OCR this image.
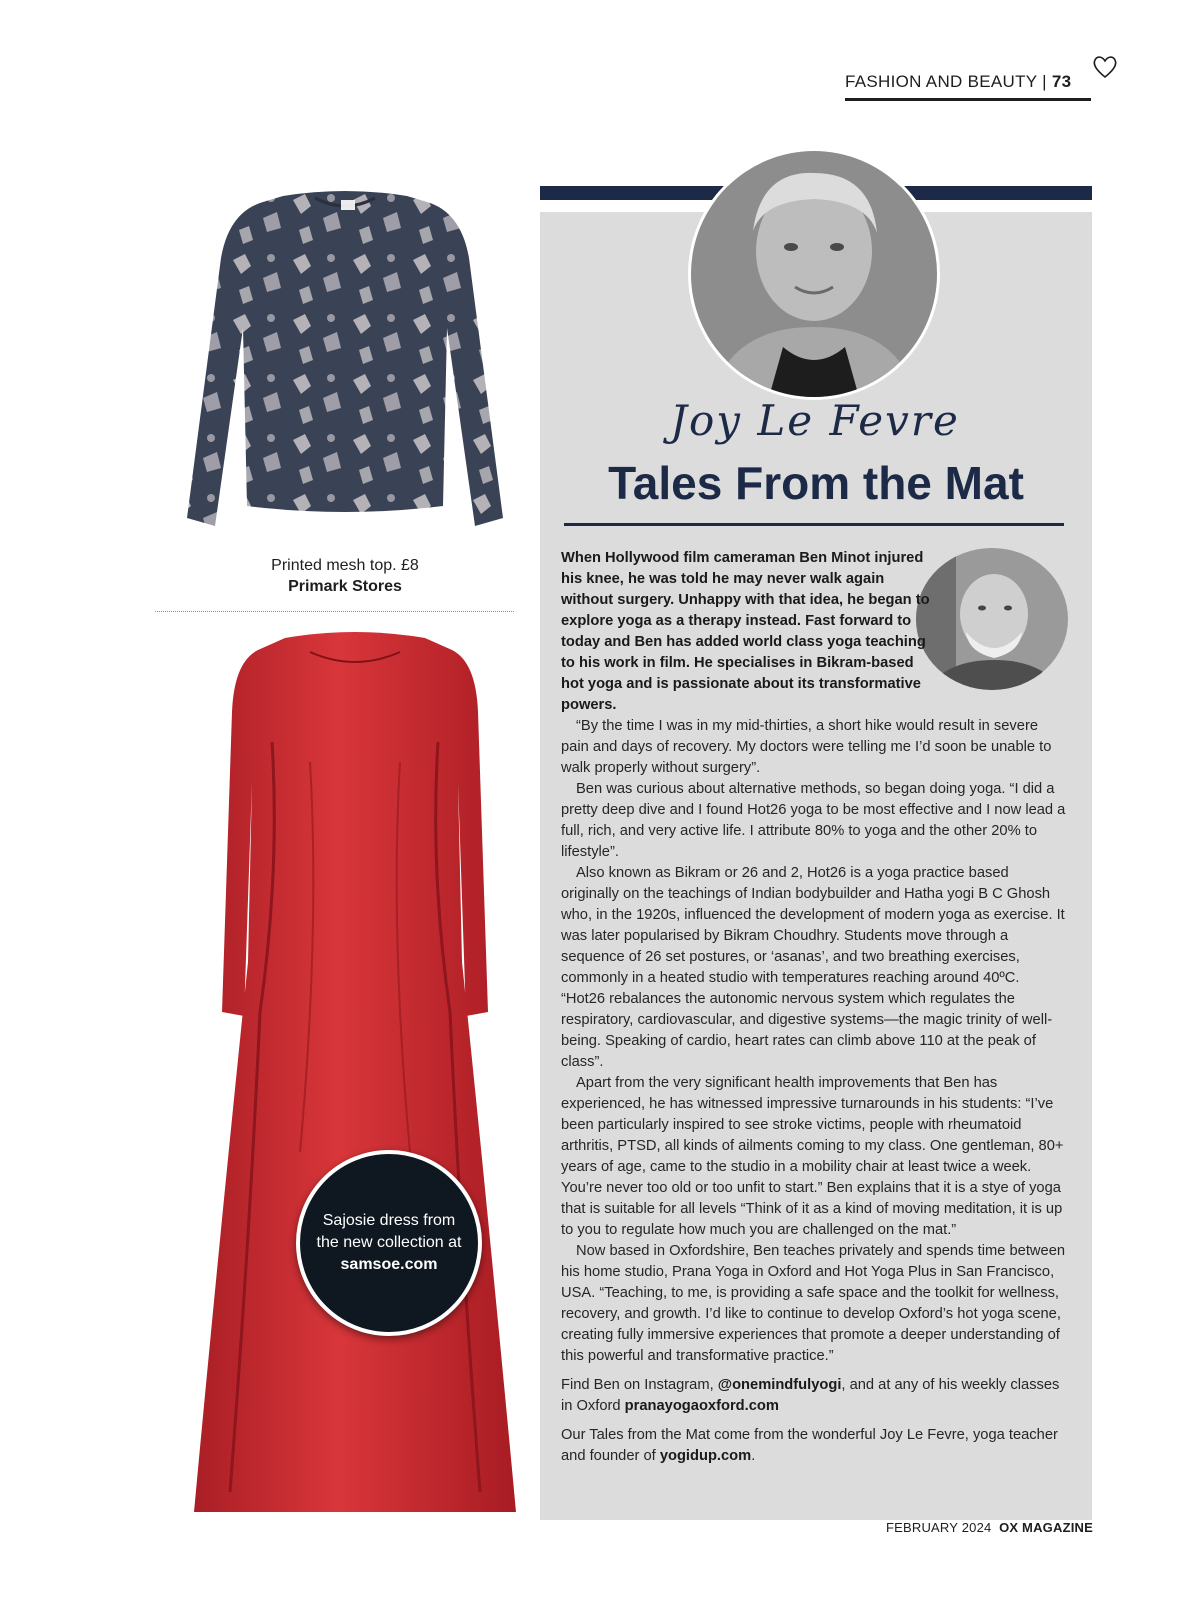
FASHION AND BEAUTY | 73
Printed mesh top. £8
Primark Stores
Sajosie dress from
the new collection at
samsoe.com
Joy Le Fevre
Tales From the Mat

When Hollywood film cameraman Ben Minot injured his knee, he was told he may never walk again without surgery. Unhappy with that idea, he began to explore yoga as a therapy instead. Fast forward to today and Ben has added world class yoga teaching to his work in film. He specialises in Bikram-based hot yoga and is passionate about its transformative powers.

“By the time I was in my mid-thirties, a short hike would result in severe pain and days of recovery. My doctors were telling me I’d soon be unable to walk properly without surgery”.

Ben was curious about alternative methods, so began doing yoga. “I did a pretty deep dive and I found Hot26 yoga to be most effective and I now lead a full, rich, and very active life. I attribute 80% to yoga and the other 20% to lifestyle”.

Also known as Bikram or 26 and 2, Hot26 is a yoga practice based originally on the teachings of Indian bodybuilder and Hatha yogi B C Ghosh who, in the 1920s, influenced the development of modern yoga as exercise. It was later popularised by Bikram Choudhry. Students move through a sequence of 26 set postures, or ‘asanas’, and two breathing exercises, commonly in a heated studio with temperatures reaching around 40ºC. “Hot26 rebalances the autonomic nervous system which regulates the respiratory, cardiovascular, and digestive systems—the magic trinity of well-being. Speaking of cardio, heart rates can climb above 110 at the peak of class”.

Apart from the very significant health improvements that Ben has experienced, he has witnessed impressive turnarounds in his students: “I’ve been particularly inspired to see stroke victims, people with rheumatoid arthritis, PTSD, all kinds of ailments coming to my class. One gentleman, 80+ years of age, came to the studio in a mobility chair at least twice a week. You’re never too old or too unfit to start.” Ben explains that it is a stye of yoga that is suitable for all levels “Think of it as a kind of moving meditation, it is up to you to regulate how much you are challenged on the mat.”

Now based in Oxfordshire, Ben teaches privately and spends time between his home studio, Prana Yoga in Oxford and Hot Yoga Plus in San Francisco, USA. “Teaching, to me, is providing a safe space and the toolkit for wellness, recovery, and growth. I’d like to continue to develop Oxford’s hot yoga scene, creating fully immersive experiences that promote a deeper understanding of this powerful and transformative practice.”

Find Ben on Instagram, @onemindfulyogi, and at any of his weekly classes in Oxford pranayogaoxford.com

Our Tales from the Mat come from the wonderful Joy Le Fevre, yoga teacher and founder of yogidup.com.

FEBRUARY 2024 OX MAGAZINE
